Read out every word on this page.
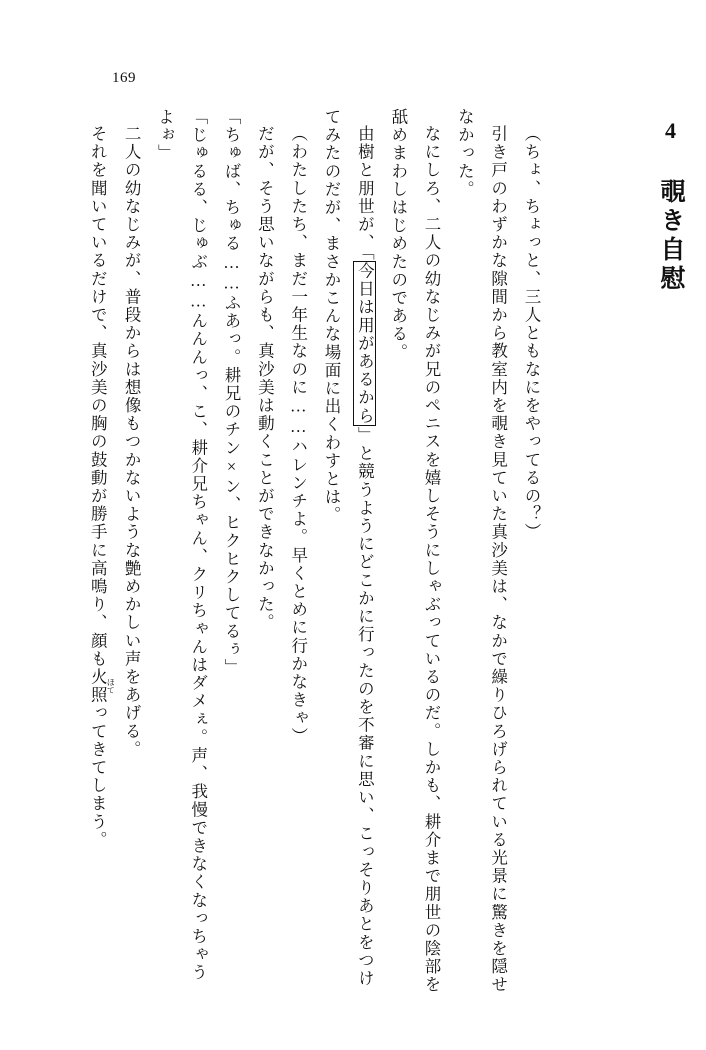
169
4 覗き自慰

（ちょ、ちょっと、三人ともなにをやってるの？）

引き戸のわずかな隙間から教室内を覗き見ていた真沙美は、なかで繰りひろげられている光景に驚きを隠せなかった。

なにしろ、二人の幼なじみが兄のペニスを嬉しそうにしゃぶっているのだ。しかも、耕介まで朋世の陰部を舐めまわしはじめたのである。

由樹と朋世が、「今日は用があるから」と競うようにどこかに行ったのを不審に思い、こっそりあとをつけてみたのだが、まさかこんな場面に出くわすとは。

（わたしたち、まだ一年生なのに……ハレンチよ。早くとめに行かなきゃ）

だが、そう思いながらも、真沙美は動くことができなかった。

「ちゅば、ちゅる……ふあっ。耕兄のチン×ン、ヒクヒクしてるぅ」

「じゅるる、じゅぶ……んんんっ、こ、耕介兄ちゃん、クリちゃんはダメぇ。声、我慢できなくなっちゃうよぉ」

二人の幼なじみが、普段からは想像もつかないような艶めかしい声をあげる。

それを聞いているだけで、真沙美の胸の鼓動が勝手に高鳴り、顔も火照 ほてってきてしまう。
